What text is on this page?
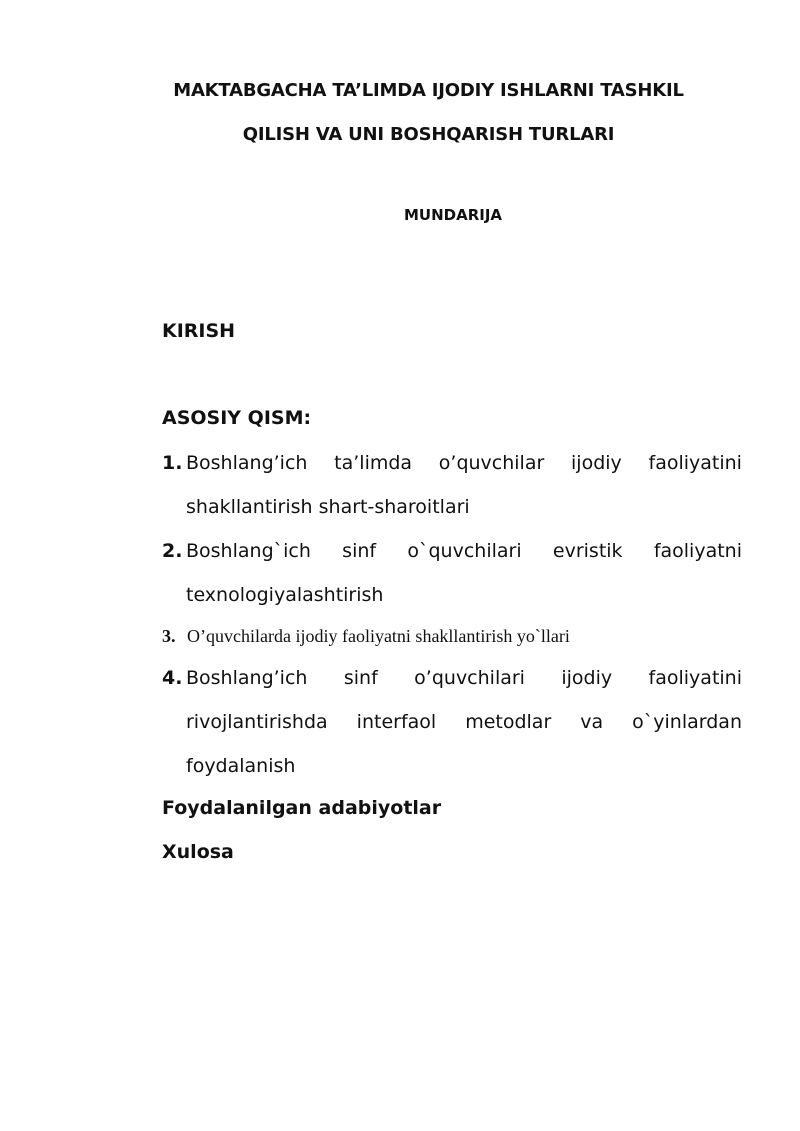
MAKTABGACHA TA’LIMDA IJODIY ISHLARNI TASHKIL
QILISH VA UNI BOSHQARISH TURLARI
MUNDARIJA
KIRISH
ASOSIY QISM:
1. Boshlang’ich ta’limda o’quvchilar ijodiy faoliyatini
shakllantirish shart-sharoitlari
2. Boshlang`ich sinf o`quvchilari evristik faoliyatni
texnologiyalashtirish
3. O’quvchilarda ijodiy faoliyatni shakllantirish yo`llari
4. Boshlang’ich sinf o’quvchilari ijodiy faoliyatini
rivojlantirishda interfaol metodlar va o`yinlardan
foydalanish
Foydalanilgan adabiyotlar
Xulosa
